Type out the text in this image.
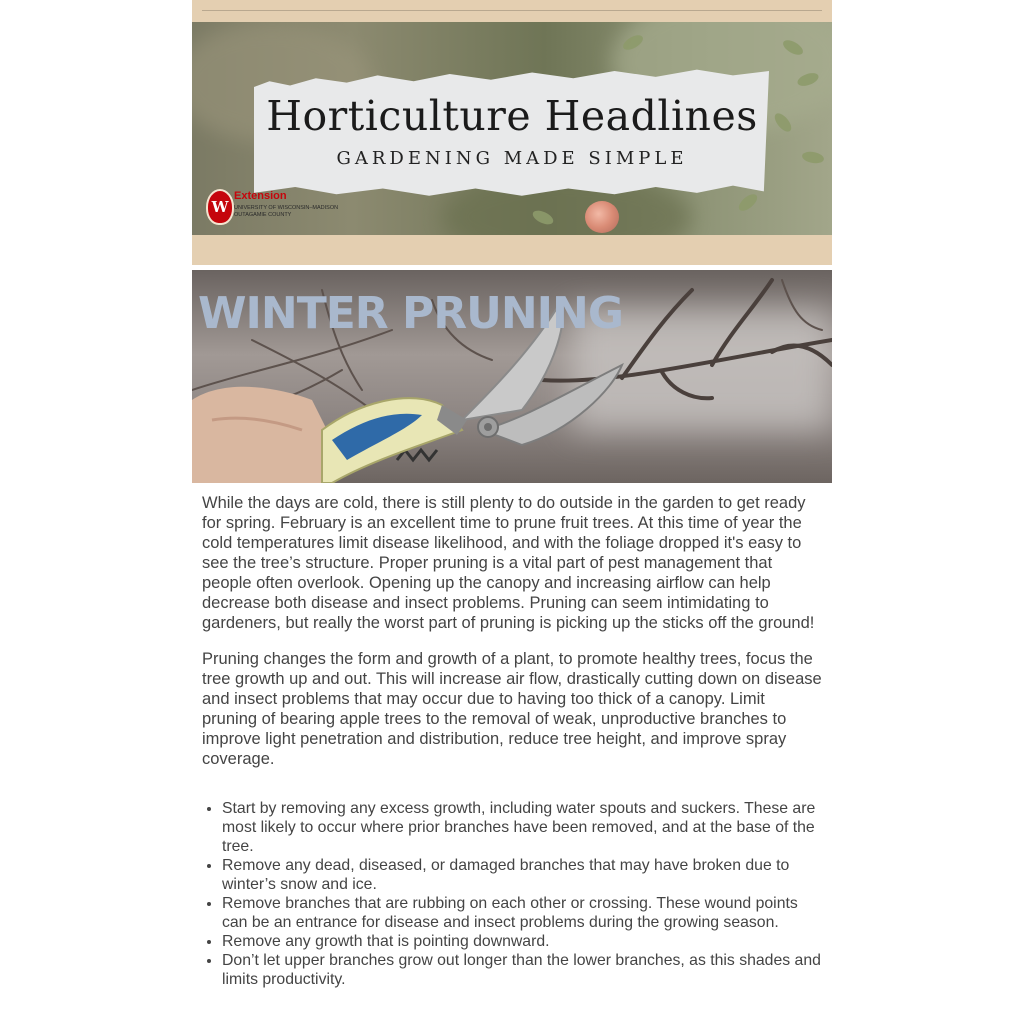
Horticulture Headlines
GARDENING MADE SIMPLE
W
Extension
UNIVERSITY OF WISCONSIN–MADISON
OUTAGAMIE COUNTY
WINTER PRUNING

While the days are cold, there is still plenty to do outside in the garden to get ready for spring. February is an excellent time to prune fruit trees. At this time of year the cold temperatures limit disease likelihood, and with the foliage dropped it's easy to see the tree’s structure. Proper pruning is a vital part of pest management that people often overlook. Opening up the canopy and increasing airflow can help decrease both disease and insect problems. Pruning can seem intimidating to gardeners, but really the worst part of pruning is picking up the sticks off the ground!

Pruning changes the form and growth of a plant, to promote healthy trees, focus the tree growth up and out. This will increase air flow, drastically cutting down on disease and insect problems that may occur due to having too thick of a canopy. Limit pruning of bearing apple trees to the removal of weak, unproductive branches to improve light penetration and distribution, reduce tree height, and improve spray coverage.

• Start by removing any excess growth, including water spouts and suckers. These are most likely to occur where prior branches have been removed, and at the base of the tree.
• Remove any dead, diseased, or damaged branches that may have broken due to winter’s snow and ice.
• Remove branches that are rubbing on each other or crossing. These wound points can be an entrance for disease and insect problems during the growing season.
• Remove any growth that is pointing downward.
• Don’t let upper branches grow out longer than the lower branches, as this shades and limits productivity.
